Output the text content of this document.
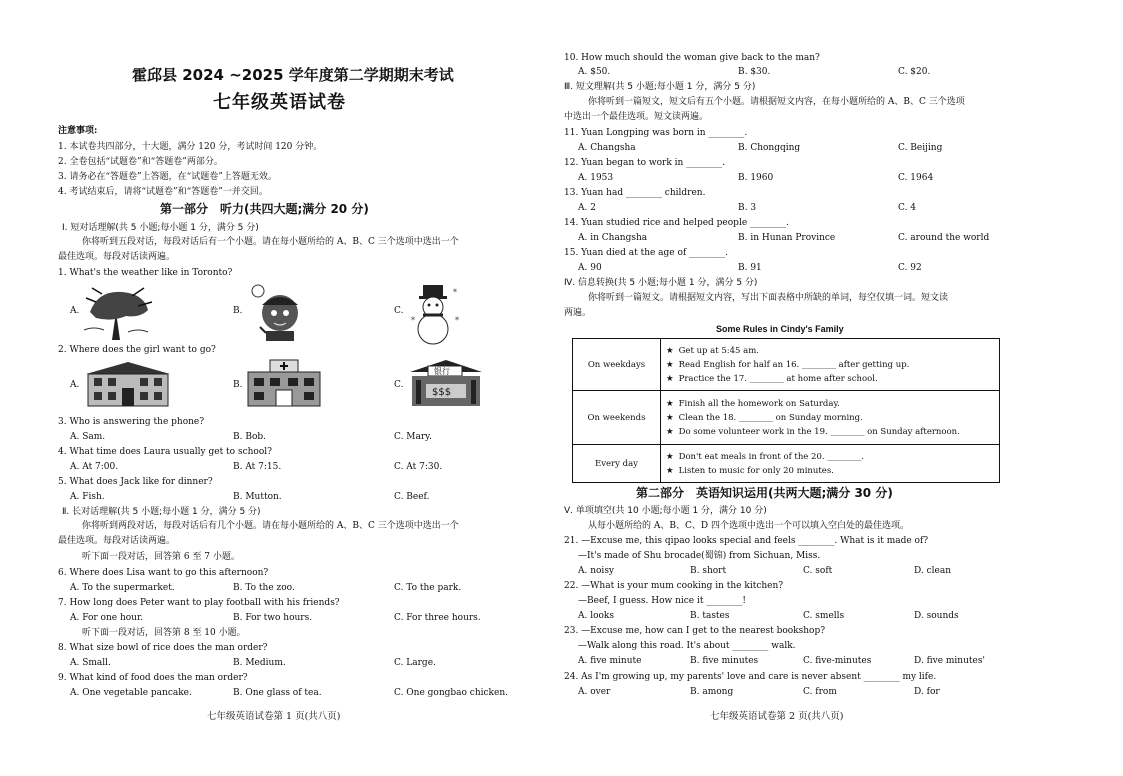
霍邱县 2024 ~2025 学年度第二学期期末考试
七年级英语试卷
注意事项:
1. 本试卷共四部分，十大题，满分 120 分，考试时间 120 分钟。
2. 全卷包括“试题卷”和“答题卷”两部分。
3. 请务必在“答题卷”上答题，在“试题卷”上答题无效。
4. 考试结束后，请将“试题卷”和“答题卷”一并交回。
第一部分　听力(共四大题;满分 20 分)
Ⅰ. 短对话理解(共 5 小题;每小题 1 分，满分 5 分)
你将听到五段对话，每段对话后有一个小题。请在每小题所给的 A、B、C 三个选项中选出一个
最佳选项。每段对话读两遍。
1. What's the weather like in Toronto?
A.	B.	C.
*
*	*
2. Where does the girl want to go?
A.	B.	C.
银行
$$$
3. Who is answering the phone?
A. Sam.	B. Bob.	C. Mary.
4. What time does Laura usually get to school?
A. At 7:00.	B. At 7:15.	C. At 7:30.
5. What does Jack like for dinner?
A. Fish.	B. Mutton.	C. Beef.
Ⅱ. 长对话理解(共 5 小题;每小题 1 分，满分 5 分)
你将听到两段对话，每段对话后有几个小题。请在每小题所给的 A、B、C 三个选项中选出一个
最佳选项。每段对话读两遍。
听下面一段对话，回答第 6 至 7 小题。
6. Where does Lisa want to go this afternoon?
A. To the supermarket.	B. To the zoo.	C. To the park.
7. How long does Peter want to play football with his friends?
A. For one hour.	B. For two hours.	C. For three hours.
听下面一段对话，回答第 8 至 10 小题。
8. What size bowl of rice does the man order?
A. Small.	B. Medium.	C. Large.
9. What kind of food does the man order?
A. One vegetable pancake.	B. One glass of tea.	C. One gongbao chicken.
七年级英语试卷第 1 页(共八页)
10. How much should the woman give back to the man?
A. $50.	B. $30.	C. $20.
Ⅲ. 短文理解(共 5 小题;每小题 1 分，满分 5 分)
你将听到一篇短文，短文后有五个小题。请根据短文内容，在每小题所给的 A、B、C 三个选项
中选出一个最佳选项。短文读两遍。
11. Yuan Longping was born in ________.
A. Changsha	B. Chongqing	C. Beijing
12. Yuan began to work in ________.
A. 1953	B. 1960	C. 1964
13. Yuan had ________ children.
A. 2	B. 3	C. 4
14. Yuan studied rice and helped people ________.
A. in Changsha	B. in Hunan Province	C. around the world
15. Yuan died at the age of ________.
A. 90	B. 91	C. 92
Ⅳ. 信息转换(共 5 小题;每小题 1 分，满分 5 分)
你将听到一篇短文。请根据短文内容，写出下面表格中所缺的单词，每空仅填一词。短文读
两遍。
Some Rules in Cindy's Family
On weekdays	★ Get up at 5:45 am.
★ Read English for half an 16. ________ after getting up.
★ Practice the 17. ________ at home after school.

On weekends	★ Finish all the homework on Saturday.
★ Clean the 18. ________ on Sunday morning.
★ Do some volunteer work in the 19. ________ on Sunday afternoon.

Every day	★ Don't eat meals in front of the 20. ________.
★ Listen to music for only 20 minutes.
第二部分　英语知识运用(共两大题;满分 30 分)
Ⅴ. 单项填空(共 10 小题;每小题 1 分，满分 10 分)
从每小题所给的 A、B、C、D 四个选项中选出一个可以填入空白处的最佳选项。
21. —Excuse me, this qipao looks special and feels ________. What is it made of?
—It's made of Shu brocade(蜀锦) from Sichuan, Miss.
A. noisy	B. short	C. soft	D. clean
22. —What is your mum cooking in the kitchen?
—Beef, I guess. How nice it ________!
A. looks	B. tastes	C. smells	D. sounds
23. —Excuse me, how can I get to the nearest bookshop?
—Walk along this road. It's about ________ walk.
A. five minute	B. five minutes	C. five-minutes	D. five minutes'
24. As I'm growing up, my parents' love and care is never absent ________ my life.
A. over	B. among	C. from	D. for
七年级英语试卷第 2 页(共八页)
